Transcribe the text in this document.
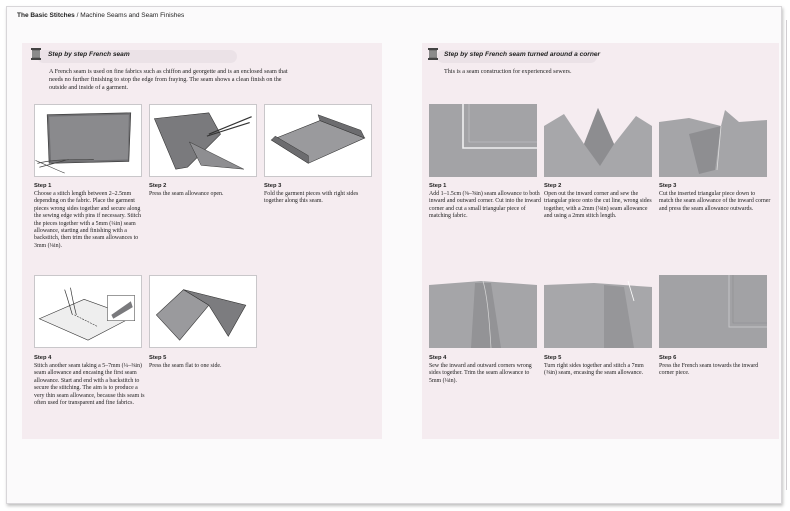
The Basic Stitches / Machine Seams and Seam Finishes
Step by step French seam
A French seam is used on fine fabrics such as chiffon and georgette and is an enclosed seam that needs no further finishing to stop the edge from fraying. The seam shows a clean finish on the outside and inside of a garment.
Step 1
Choose a stitch length between 2–2.5mm depending on the fabric. Place the garment pieces wrong sides together and secure along the sewing edge with pins if necessary. Stitch the pieces together with a 5mm (¼in) seam allowance, starting and finishing with a backstitch, then trim the seam allowances to 3mm (⅛in).
Step 2
Press the seam allowance open.
Step 3
Fold the garment pieces with right sides together along this seam.
Step 4
Stitch another seam taking a 5–7mm (¼–⅜in) seam allowance and encasing the first seam allowance. Start and end with a backstitch to secure the stitching. The aim is to produce a very thin seam allowance, because this seam is often used for transparent and fine fabrics.
Step 5
Press the seam flat to one side.
Step by step French seam turned around a corner
This is a seam construction for experienced sewers.
Step 1
Add 1–1.5cm (⅜–⅝in) seam allowance to both inward and outward corner. Cut into the inward corner and cut a small triangular piece of matching fabric.
Step 2
Open out the inward corner and sew the triangular piece onto the cut line, wrong sides together, with a 2mm (⅛in) seam allowance and using a 2mm stitch length.
Step 3
Cut the inserted triangular piece down to match the seam allowance of the inward corner and press the seam allowance outwards.
Step 4
Sew the inward and outward corners wrong sides together. Trim the seam allowance to 5mm (¼in).
Step 5
Turn right sides together and stitch a 7mm (⅜in) seam, encasing the seam allowance.
Step 6
Press the French seam towards the inward corner piece.
